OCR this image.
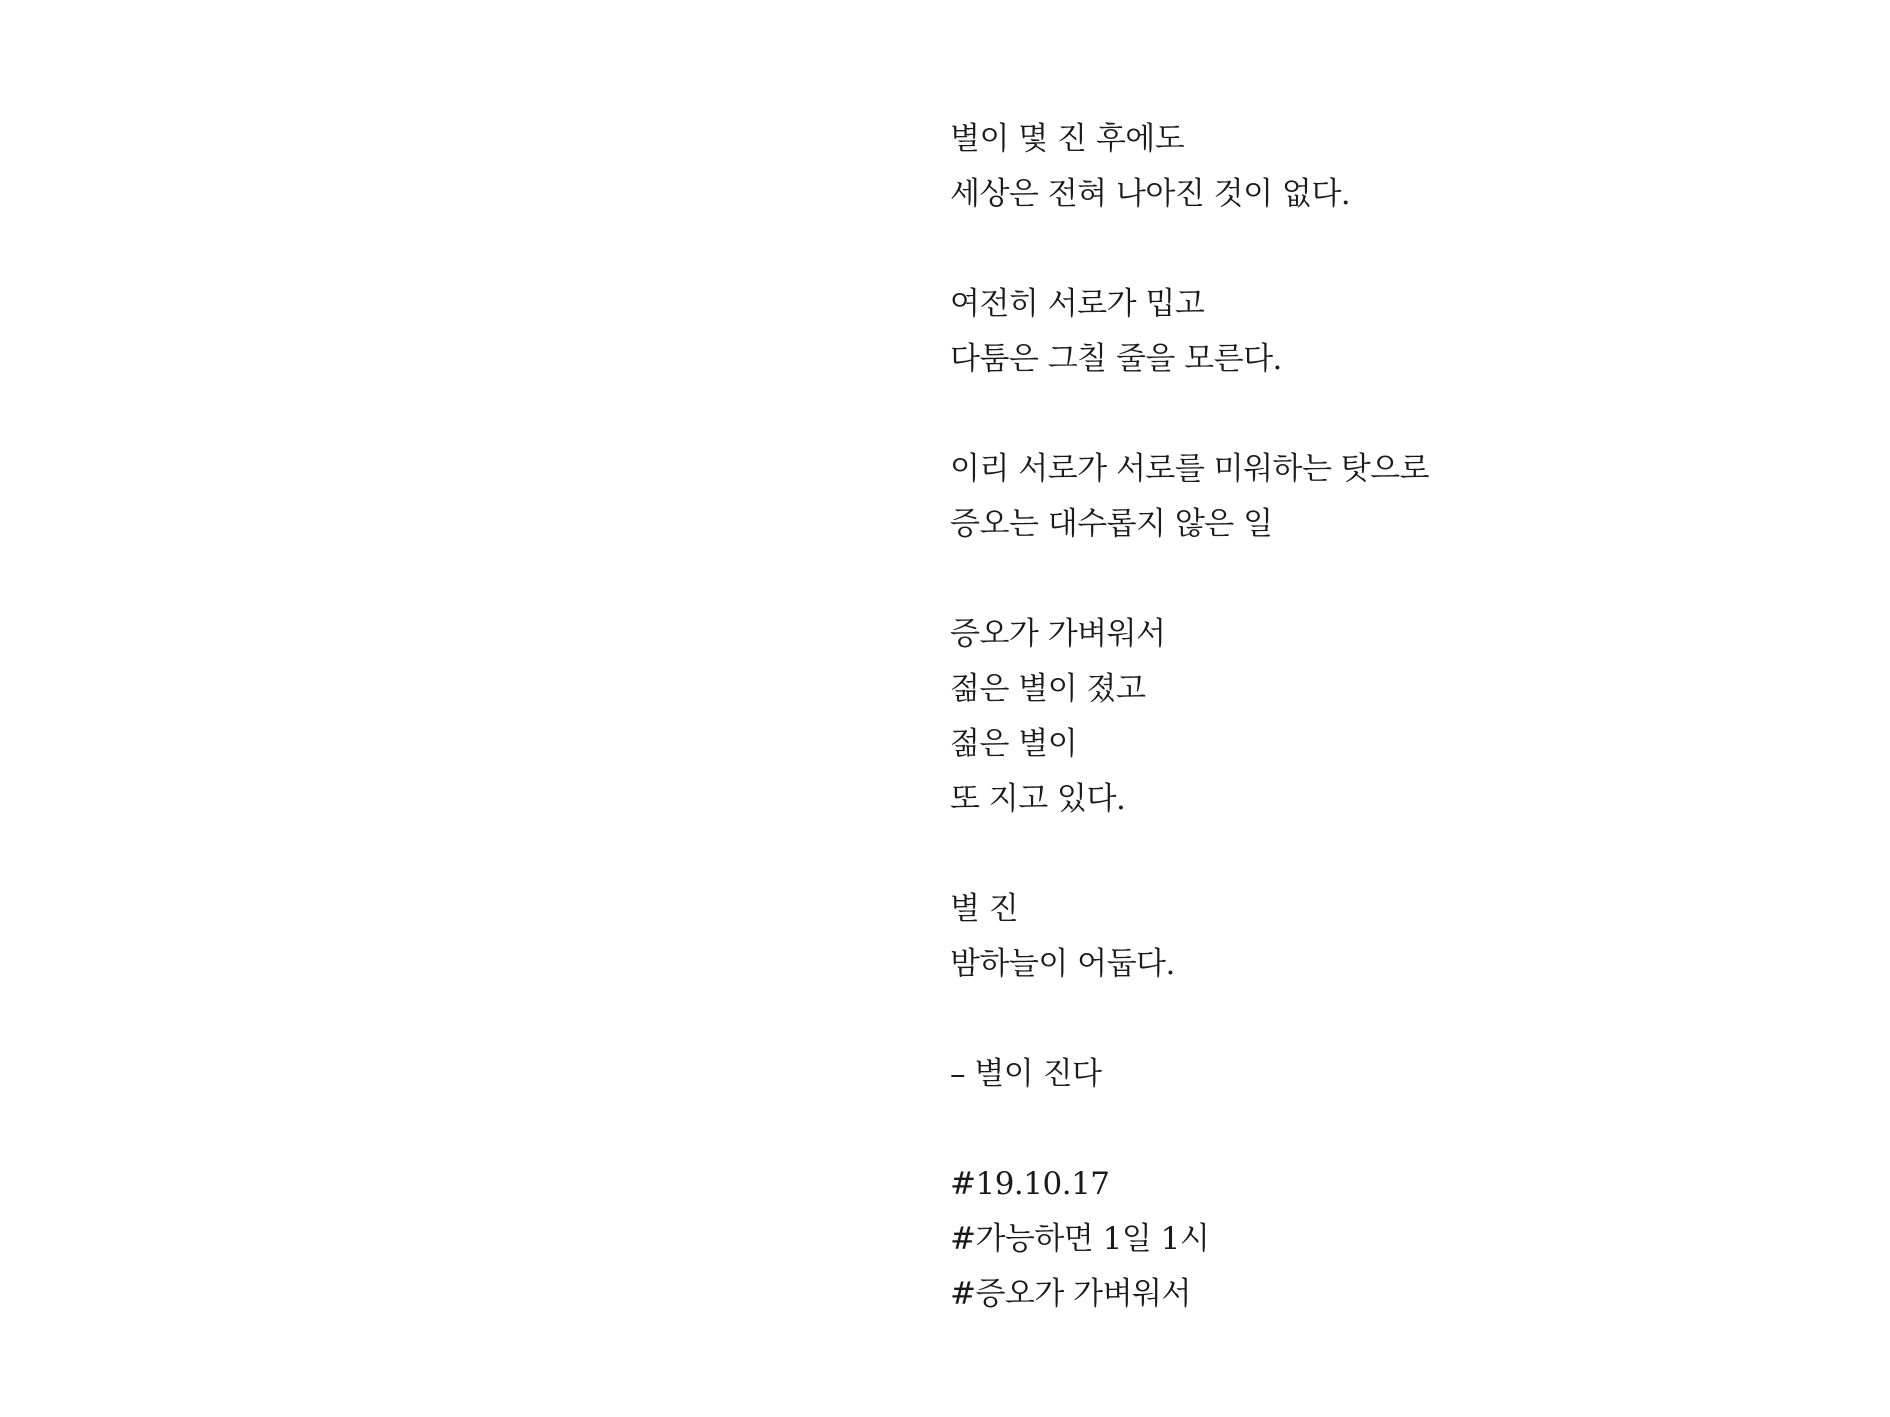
별이 몇 진 후에도
세상은 전혀 나아진 것이 없다.
여전히 서로가 밉고
다툼은 그칠 줄을 모른다.
이리 서로가 서로를 미워하는 탓으로
증오는 대수롭지 않은 일
증오가 가벼워서
젊은 별이 졌고
젊은 별이
또 지고 있다.
별 진
밤하늘이 어둡다.
– 별이 진다
#19.10.17
#가능하면 1일 1시
#증오가 가벼워서
